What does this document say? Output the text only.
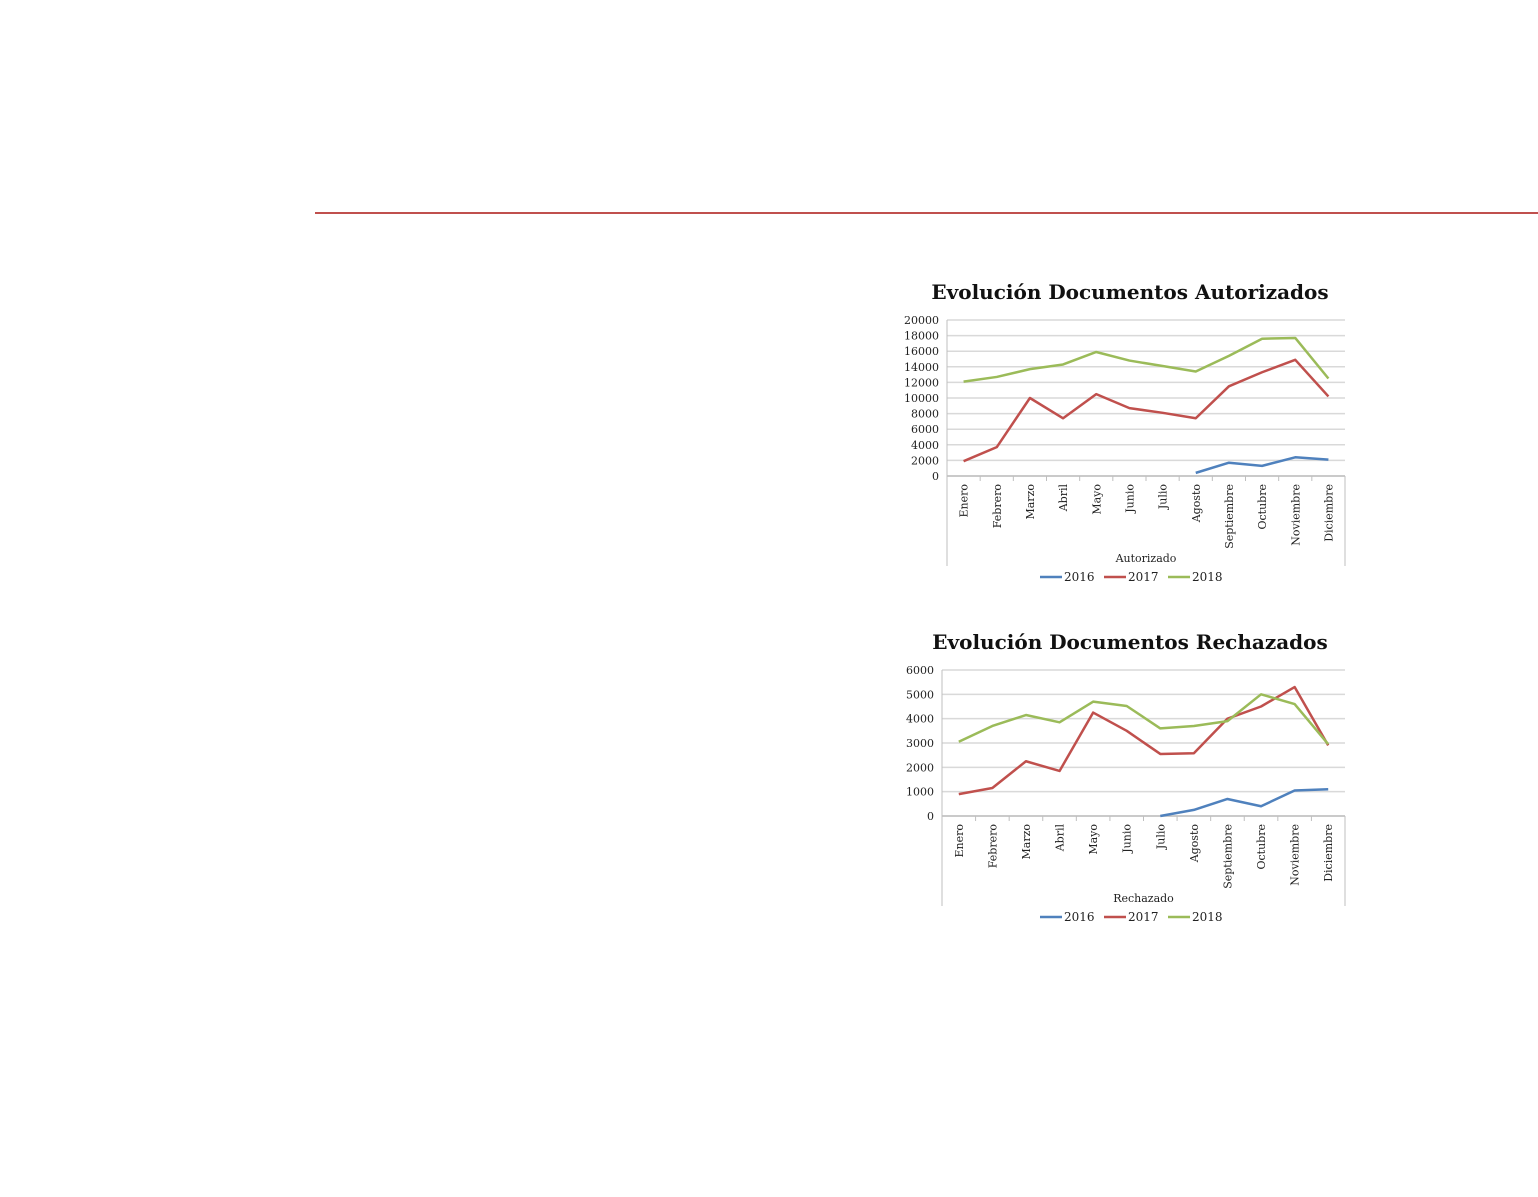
Evolución Documentos Autorizados
0
2000
4000
6000
8000
10000
12000
14000
16000
18000
20000
Enero Febrero Marzo Abril Mayo Junio Julio Agosto Septiembre Octubre Noviembre Diciembre
Autorizado
2016	2017	2018
Evolución Documentos Rechazados
0
1000
2000
3000
4000
5000
6000
Enero Febrero Marzo Abril Mayo Junio Julio Agosto Septiembre Octubre Noviembre Diciembre
Rechazado
2016	2017	2018
